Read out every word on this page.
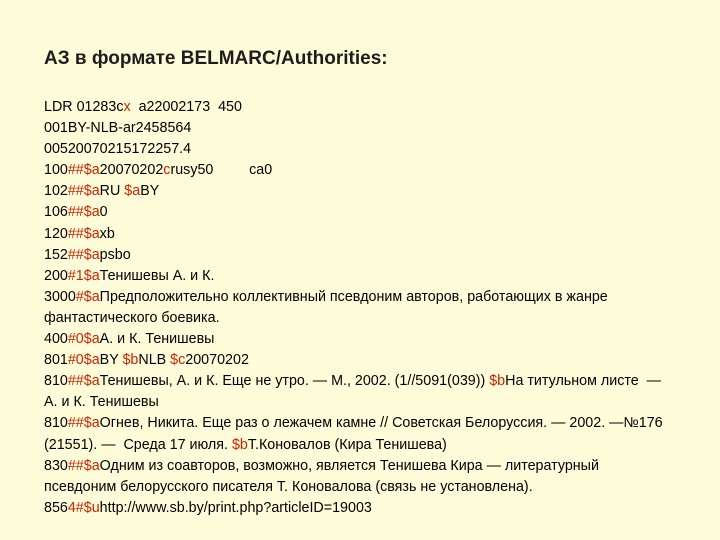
АЗ в формате BELMARC/Authorities:
LDR 01283cx  a22002173  450
001BY-NLB-ar2458564
00520070215172257.4
100##$a20070202crusy50         ca0
102##$aRU $aBY
106##$a0
120##$axb
152##$apsbo
200#1$aТенишевы А. и К.
3000#$aПредположительно коллективный псевдоним авторов, работающих в жанре фантастического боевика.
400#0$aА. и К. Тенишевы
801#0$aBY $bNLB $c20070202
810##$aТенишевы, А. и К. Еще не утро. — М., 2002. (1//5091(039)) $bНа титульном листе  — А. и К. Тенишевы
810##$aОгнев, Никита. Еще раз о лежачем камне // Советская Белоруссия. — 2002. —№176 (21551). —  Среда 17 июля. $bТ.Коновалов (Кира Тенишева)
830##$aОдним из соавторов, возможно, является Тенишева Кира — литературный псевдоним белорусского писателя Т. Коновалова (связь не установлена).
8564#$uhttp://www.sb.by/print.php?articleID=19003
